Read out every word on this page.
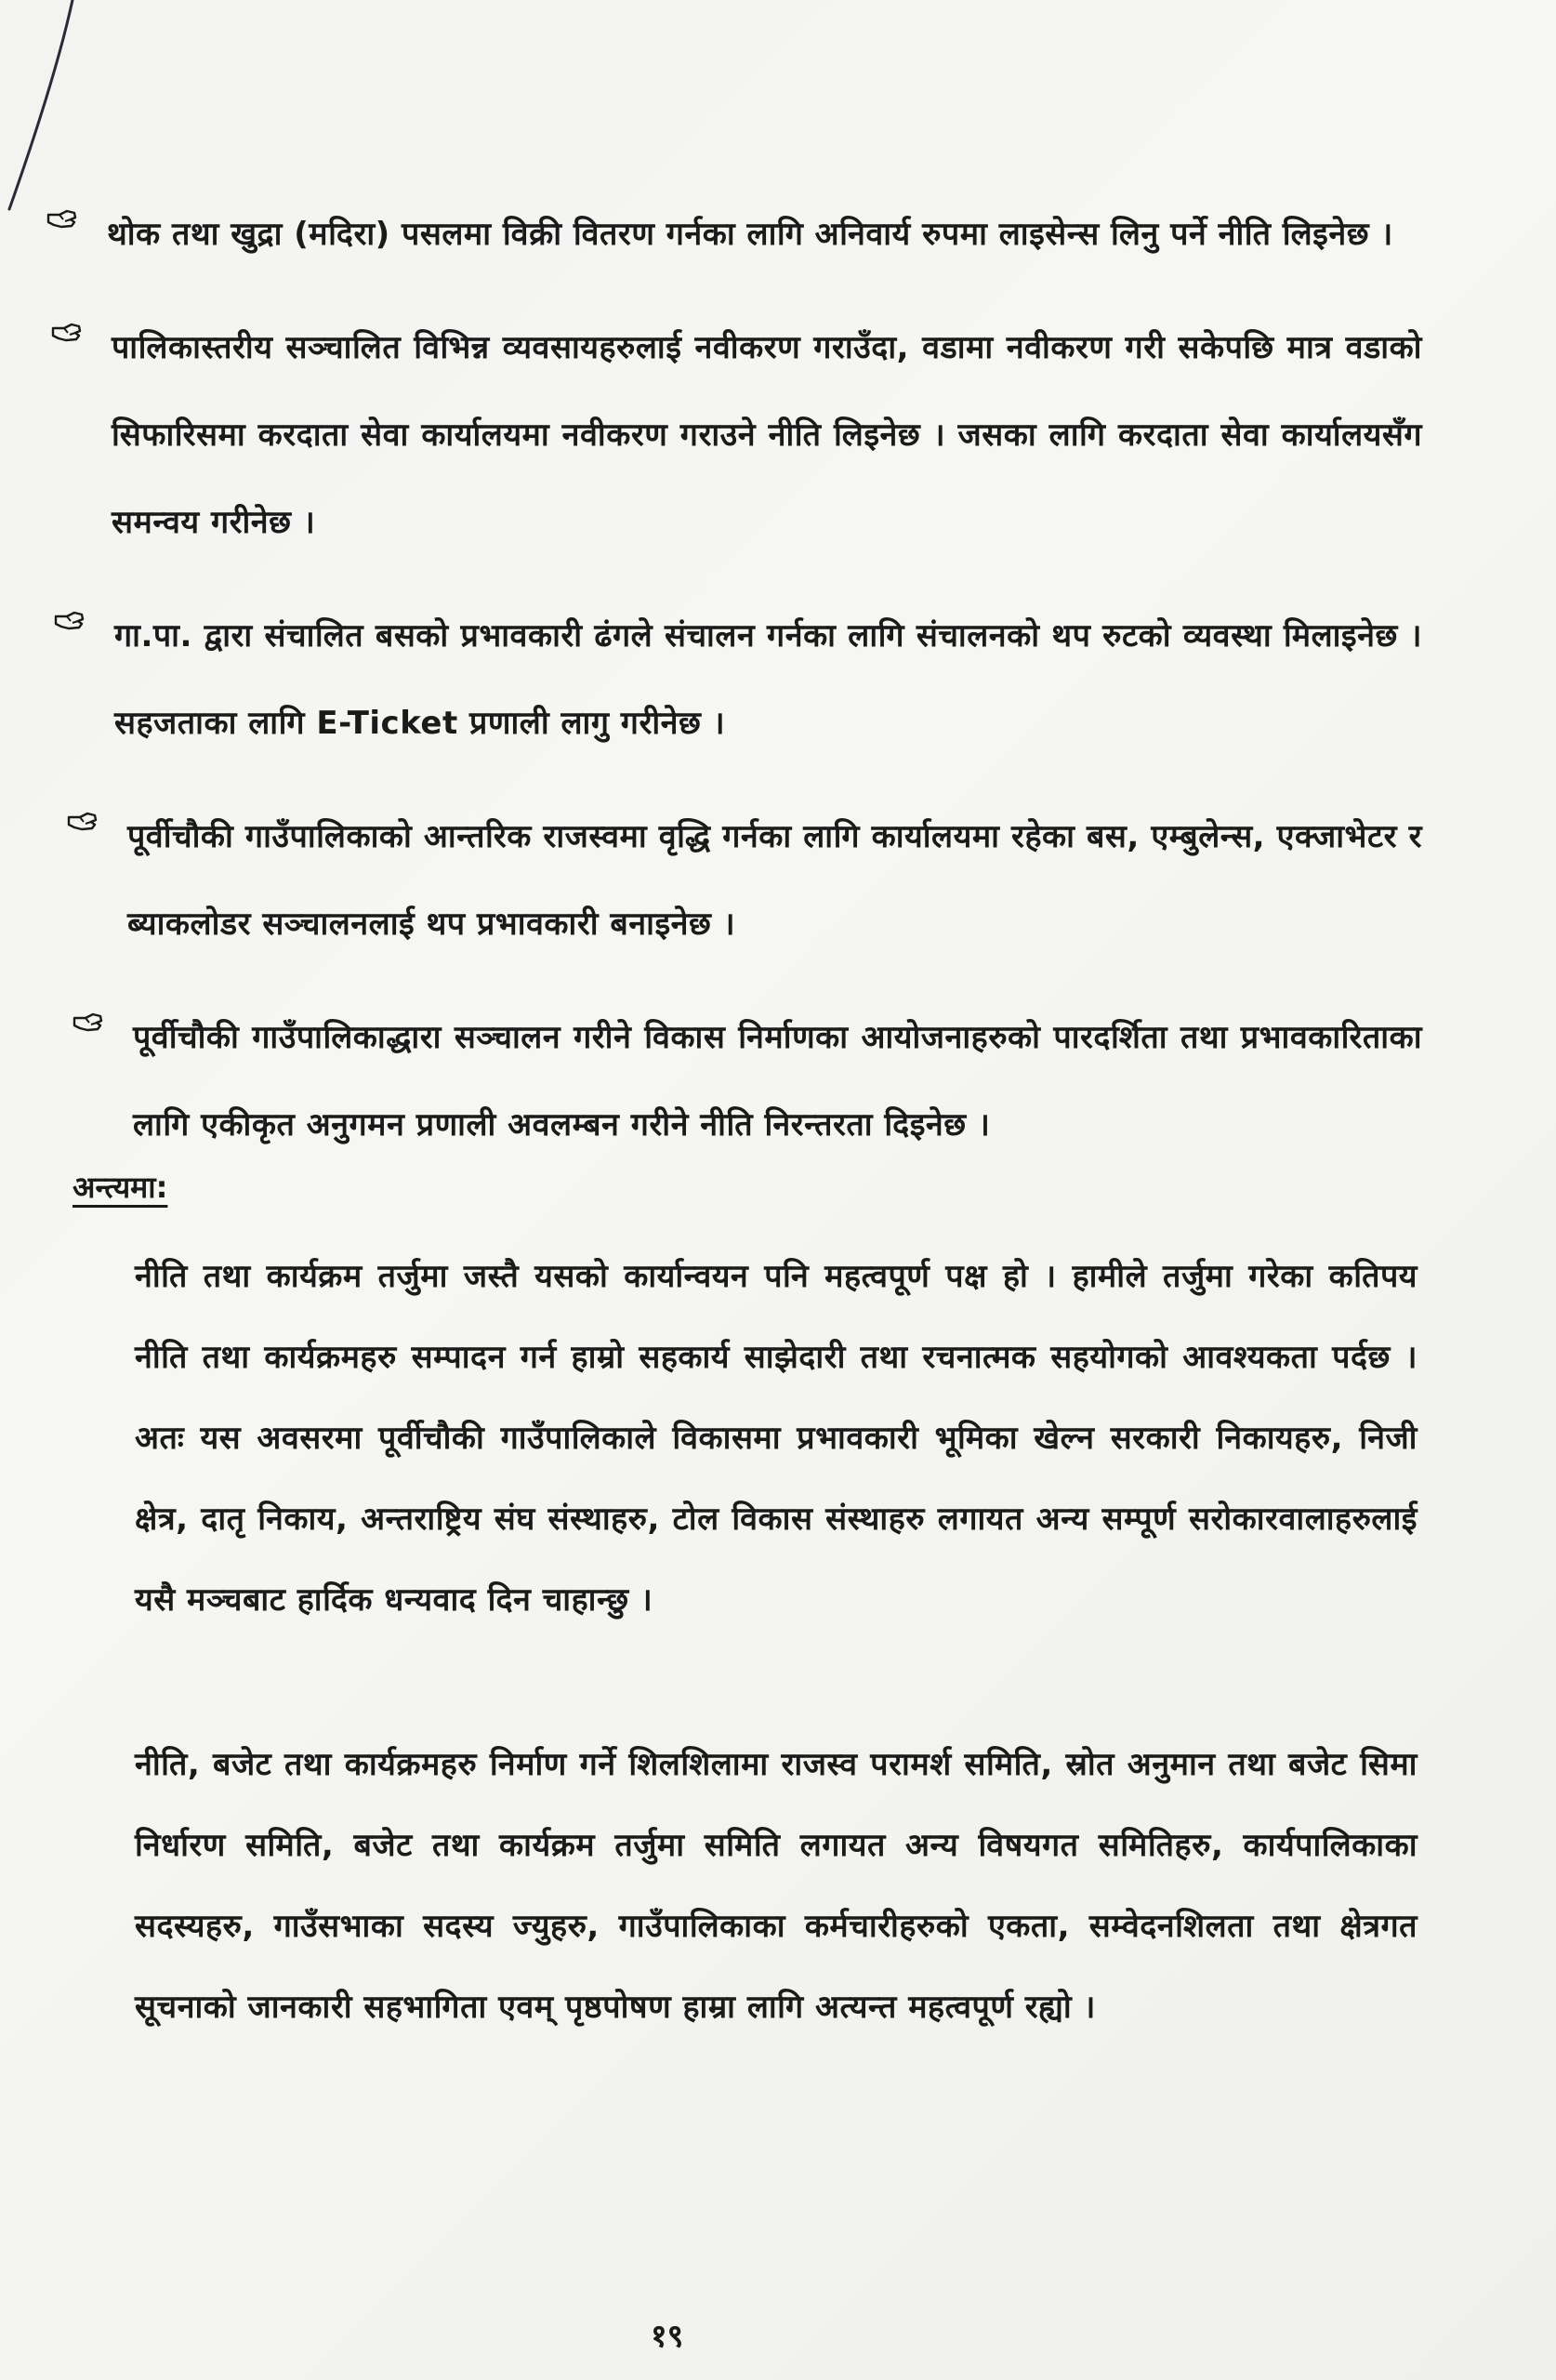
थोक तथा खुद्रा (मदिरा) पसलमा विक्री वितरण गर्नका लागि अनिवार्य रुपमा लाइसेन्स लिनु पर्ने नीति लिइनेछ ।
पालिकास्तरीय सञ्चालित विभिन्न व्यवसायहरुलाई नवीकरण गराउँदा, वडामा नवीकरण गरी सकेपछि मात्र वडाको सिफारिसमा करदाता सेवा कार्यालयमा नवीकरण गराउने नीति लिइनेछ । जसका लागि करदाता सेवा कार्यालयसँग समन्वय गरीनेछ ।
गा.पा. द्वारा संचालित बसको प्रभावकारी ढंगले संचालन गर्नका लागि संचालनको थप रुटको व्यवस्था मिलाइनेछ । सहजताका लागि E-Ticket प्रणाली लागु गरीनेछ ।
पूर्वीचौकी गाउँपालिकाको आन्तरिक राजस्वमा वृद्धि गर्नका लागि कार्यालयमा रहेका बस, एम्बुलेन्स, एक्जाभेटर र ब्याकलोडर सञ्चालनलाई थप प्रभावकारी बनाइनेछ ।
पूर्वीचौकी गाउँपालिकाद्धारा सञ्चालन गरीने विकास निर्माणका आयोजनाहरुको पारदर्शिता तथा प्रभावकारिताका लागि एकीकृत अनुगमन प्रणाली अवलम्बन गरीने नीति निरन्तरता दिइनेछ ।
अन्त्यमा:

नीति तथा कार्यक्रम तर्जुमा जस्तै यसको कार्यान्वयन पनि महत्वपूर्ण पक्ष हो । हामीले तर्जुमा गरेका कतिपय नीति तथा कार्यक्रमहरु सम्पादन गर्न हाम्रो सहकार्य साझेदारी तथा रचनात्मक सहयोगको आवश्यकता पर्दछ । अतः यस अवसरमा पूर्वीचौकी गाउँपालिकाले विकासमा प्रभावकारी भूमिका खेल्न सरकारी निकायहरु, निजी क्षेत्र, दातृ निकाय, अन्तराष्ट्रिय संघ संस्थाहरु, टोल विकास संस्थाहरु लगायत अन्य सम्पूर्ण सरोकारवालाहरुलाई यसै मञ्चबाट हार्दिक धन्यवाद दिन चाहान्छु ।

नीति, बजेट तथा कार्यक्रमहरु निर्माण गर्ने शिलशिलामा राजस्व परामर्श समिति, स्रोत अनुमान तथा बजेट सिमा निर्धारण समिति, बजेट तथा कार्यक्रम तर्जुमा समिति लगायत अन्य विषयगत समितिहरु, कार्यपालिकाका सदस्यहरु, गाउँसभाका सदस्य ज्युहरु, गाउँपालिकाका कर्मचारीहरुको एकता, सम्वेदनशिलता तथा क्षेत्रगत सूचनाको जानकारी सहभागिता एवम् पृष्ठपोषण हाम्रा लागि अत्यन्त महत्वपूर्ण रह्यो ।

१९
